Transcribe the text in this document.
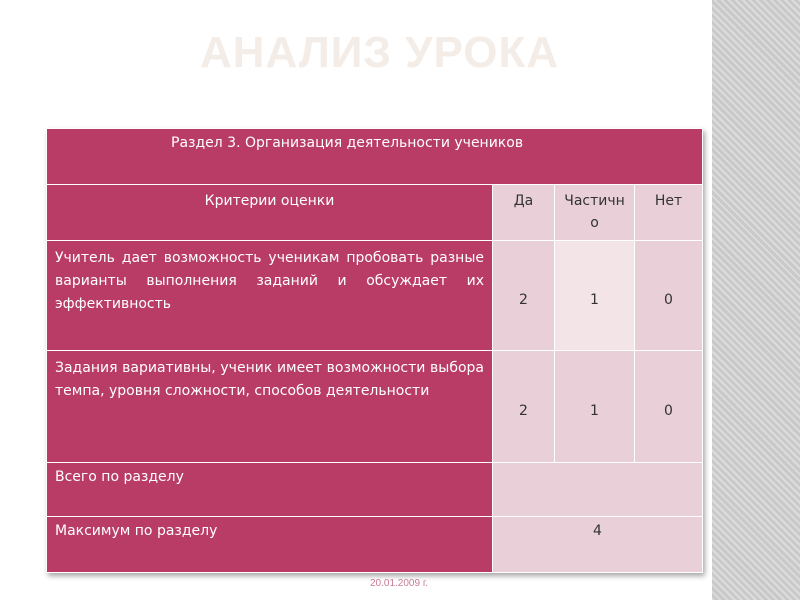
АНАЛИЗ УРОКА
Раздел 3. Организация деятельности учеников			

Критерии оценки	Да	Частично	Нет
Учитель дает возможность ученикам пробовать разные варианты выполнения заданий и обсуждает их эффективность	2	1	0
Задания вариативны, ученик имеет возможности выбора темпа, уровня сложности, способов деятельности	2	1	0
Всего по разделу			
Максимум по разделу	4		
20.01.2009 г.
